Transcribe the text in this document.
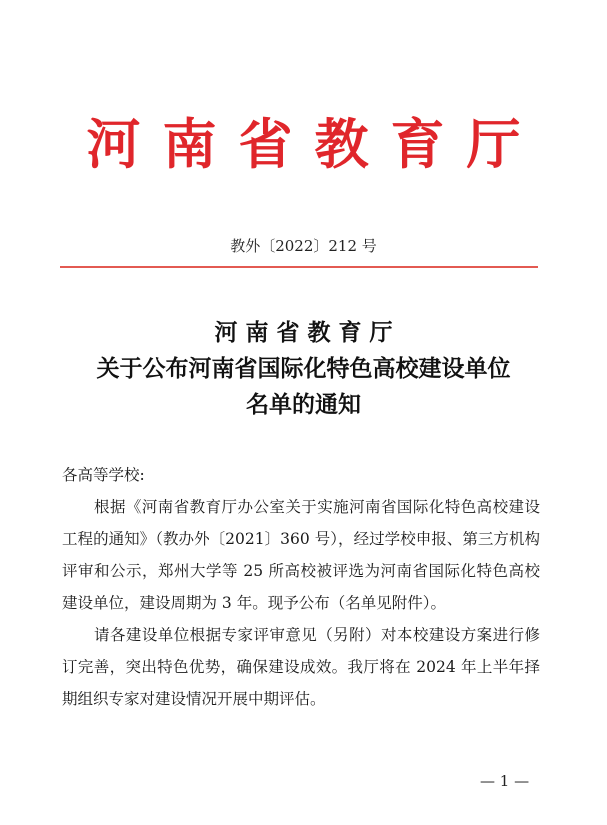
河南省教育厅
教外〔2022〕212 号
河南省教育厅
关于公布河南省国际化特色高校建设单位
名单的通知

各高等学校:

根据《河南省教育厅办公室关于实施河南省国际化特色高校建设工程的通知》（教办外〔2021〕360 号），经过学校申报、第三方机构评审和公示，郑州大学等 25 所高校被评选为河南省国际化特色高校建设单位，建设周期为 3 年。现予公布（名单见附件）。

请各建设单位根据专家评审意见（另附）对本校建设方案进行修订完善，突出特色优势，确保建设成效。我厅将在 2024 年上半年择期组织专家对建设情况开展中期评估。

— 1 —
